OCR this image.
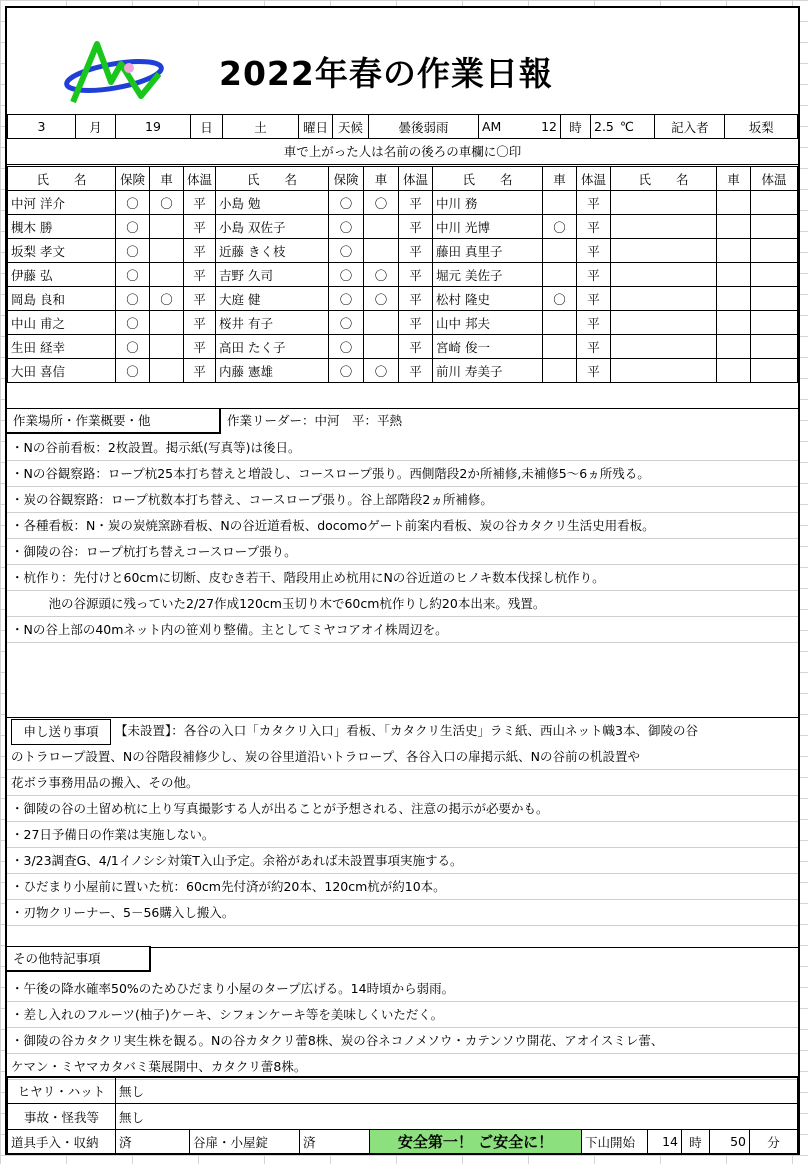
2022年春の作業日報
3	月	19	日	土	曜日	天候	曇後弱雨	AM	12	時	2.5	℃	記入者	坂梨
車で上がった人は名前の後ろの車欄に〇印
氏　　名	保険	車	体温	氏　　名	保険	車	体温	氏　　名	車	体温	氏　　名	車	体温
中河 洋介	〇	〇	平	小島 勉	〇	〇	平	中川 務		平			
槻木 勝	〇		平	小島 双佐子	〇		平	中川 光博	〇	平			
坂梨 孝文	〇		平	近藤 きく枝	〇		平	藤田 真里子		平			
伊藤 弘	〇		平	吉野 久司	〇	〇	平	堀元 美佐子		平			
岡島 良和	〇	〇	平	大庭 健	〇	〇	平	松村 隆史	〇	平			
中山 甫之	〇		平	桜井 有子	〇		平	山中 邦夫		平			
生田 経幸	〇		平	高田 たく子	〇		平	宮崎 俊一		平			
大田 喜信	〇		平	内藤 憲雄	〇	〇	平	前川 寿美子		平			
作業場所・作業概要・他	作業リーダー：中河　平：平熱
・Nの谷前看板：2枚設置。掲示紙(写真等)は後日。
・Nの谷観察路：ロープ杭25本打ち替えと増設し、コースロープ張り。西側階段2か所補修,未補修5～6ヵ所残る。
・炭の谷観察路：ロープ杭数本打ち替え、コースロープ張り。谷上部階段2ヵ所補修。
・各種看板：N・炭の炭焼窯跡看板、Nの谷近道看板、docomoゲート前案内看板、炭の谷カタクリ生活史用看板。
・御陵の谷：ロープ杭打ち替えコースロープ張り。
・杭作り：先付けと60cmに切断、皮むき若干、階段用止め杭用にNの谷近道のヒノキ数本伐採し杭作り。
　　　池の谷源頭に残っていた2/27作成120cm玉切り木で60cm杭作りし約20本出来。残置。
・Nの谷上部の40mネット内の笹刈り整備。主としてミヤコアオイ株周辺を。
申し送り事項	【未設置】：各谷の入口「カタクリ入口」看板、「カタクリ生活史」ラミ紙、西山ネット幟3本、御陵の谷
のトラロープ設置、Nの谷階段補修少し、炭の谷里道沿いトラロープ、各谷入口の扉掲示紙、Nの谷前の机設置や
花ボラ事務用品の搬入、その他。
・御陵の谷の土留め杭に上り写真撮影する人が出ることが予想される、注意の掲示が必要かも。
・27日予備日の作業は実施しない。
・3/23調査G、4/1イノシシ対策T入山予定。余裕があれば未設置事項実施する。
・ひだまり小屋前に置いた杭：60cm先付済が約20本、120cm杭が約10本。
・刃物クリーナー、5－56購入し搬入。
その他特記事項
・午後の降水確率50%のためひだまり小屋のタープ広げる。14時頃から弱雨。
・差し入れのフルーツ(柚子)ケーキ、シフォンケーキ等を美味しくいただく。
・御陵の谷カタクリ実生株を観る。Nの谷カタクリ蕾8株、炭の谷ネコノメソウ・カテンソウ開花、アオイスミレ蕾、
ケマン・ミヤマカタバミ葉展開中、カタクリ蕾8株。
ヒヤリ・ハット	無し
事故・怪我等	無し
道具手入・収納	済	谷扉・小屋錠	済	安全第一！ ご安全に！	下山開始	14	時	50	分
